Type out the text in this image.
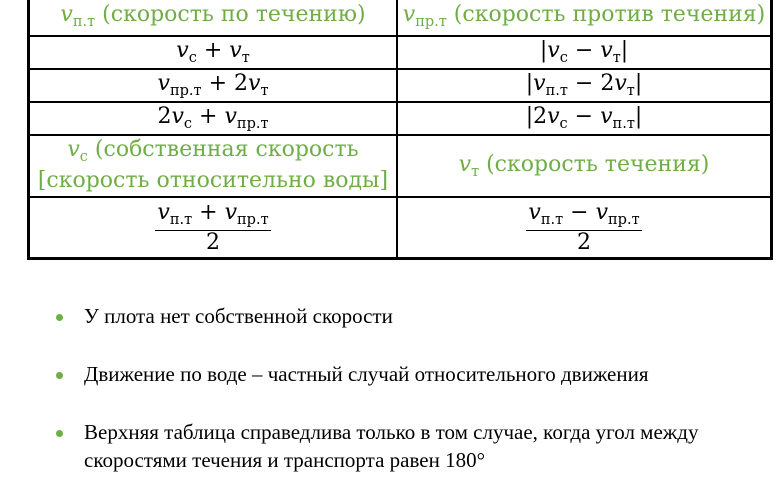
$v_{п.т}$ (скорость по течению)	$v_{пр.т}$ (скорость против течения)
$v_с + v_т$	$|v_с - v_т|$
$v_{пр.т} + 2v_т$	$|v_{п.т} - 2v_т|$
$2v_с + v_{пр.т}$	$|2v_с - v_{п.т}|$
$v_c$ (собственная скорость
[скорость относительно воды]	$v_т$ (скорость течения)

$\frac{v_{п.т} + v_{пр.т}}{2}$	$\frac{v_{п.т} - v_{пр.т}}{2}$
У плота нет собственной скорости
Движение по воде – частный случай относительного движения
Верхняя таблица справедлива только в том случае, когда угол между скоростями течения и транспорта равен 180°
